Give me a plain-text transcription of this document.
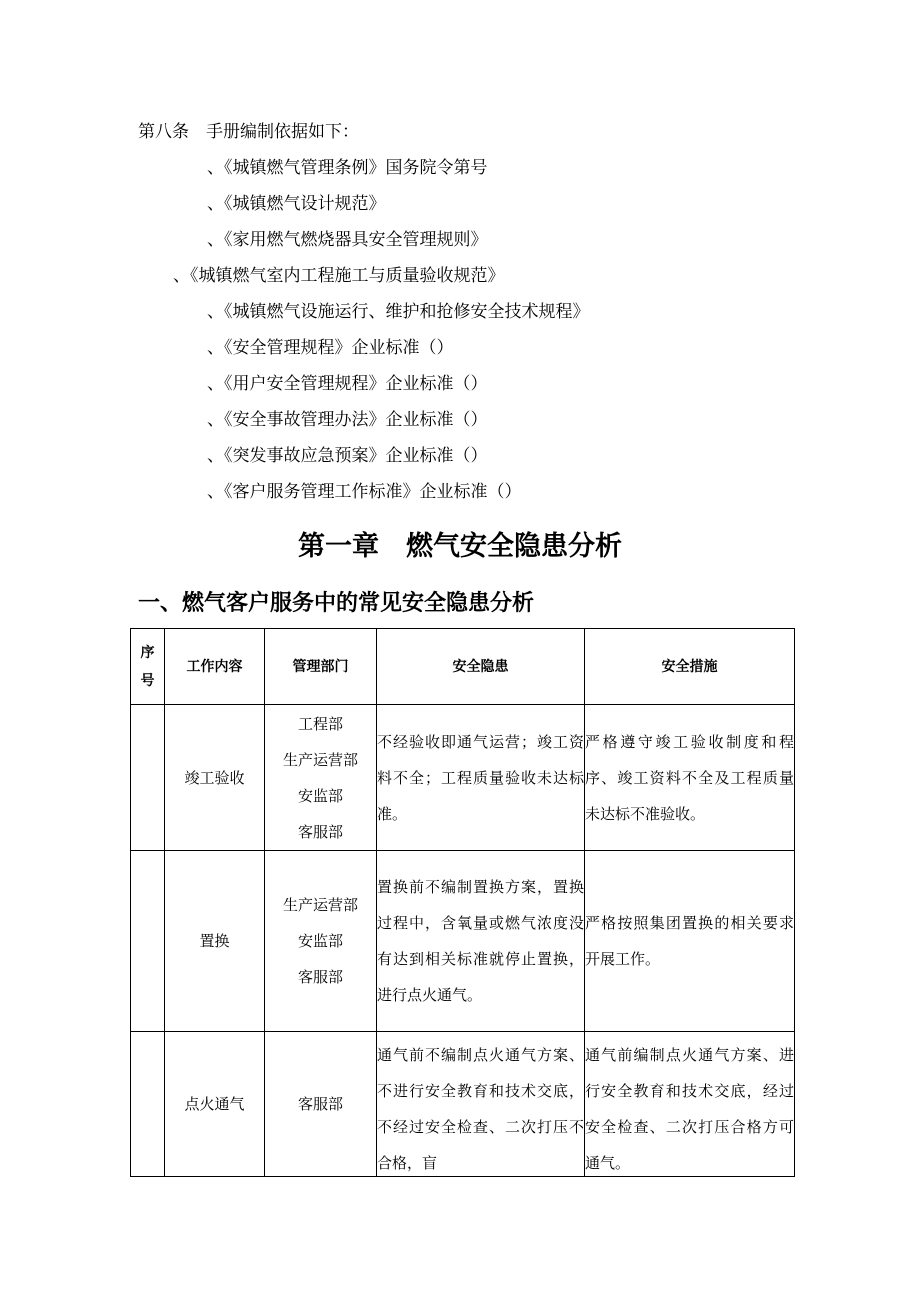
第八条　手册编制依据如下：
、《城镇燃气管理条例》国务院令第号
、《城镇燃气设计规范》
、《家用燃气燃烧器具安全管理规则》
、《城镇燃气室内工程施工与质量验收规范》
、《城镇燃气设施运行、维护和抢修安全技术规程》
、《安全管理规程》企业标准（）
、《用户安全管理规程》企业标准（）
、《安全事故管理办法》企业标准（）
、《突发事故应急预案》企业标准（）
、《客户服务管理工作标准》企业标准（）
第一章　燃气安全隐患分析
一、燃气客户服务中的常见安全隐患分析
序
号	工作内容	管理部门	安全隐患	安全措施
	竣工验收	工程部
生产运营部
安监部
客服部	不经验收即通气运营；竣工资料不全；工程质量验收未达标准。	严格遵守竣工验收制度和程序、竣工资料不全及工程质量未达标不准验收。
	置换	生产运营部
安监部
客服部	置换前不编制置换方案，置换过程中，含氧量或燃气浓度没有达到相关标准就停止置换，进行点火通气。	严格按照集团置换的相关要求开展工作。
	点火通气	客服部	通气前不编制点火通气方案、不进行安全教育和技术交底，不经过安全检查、二次打压不合格，盲	通气前编制点火通气方案、进行安全教育和技术交底，经过安全检查、二次打压合格方可通气。
